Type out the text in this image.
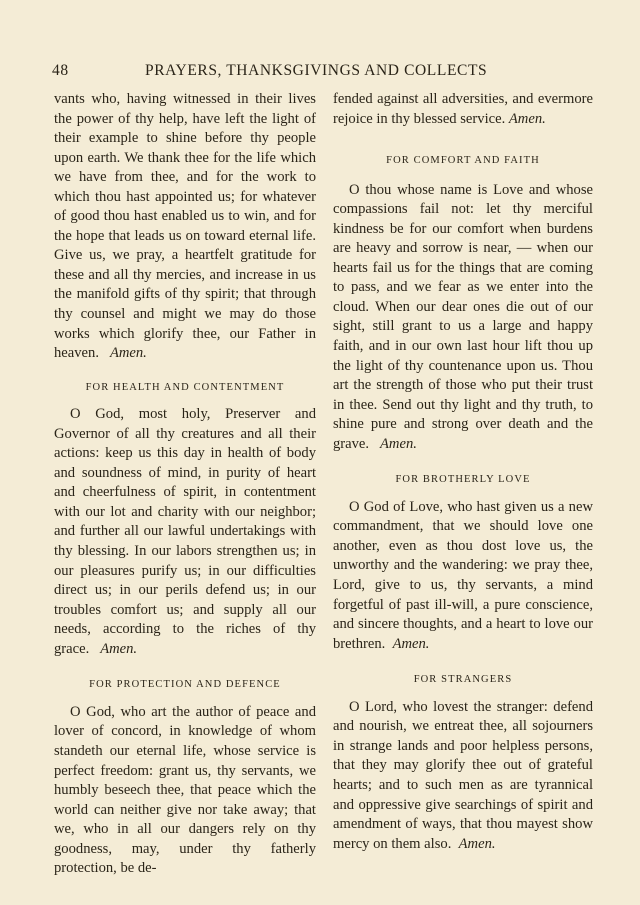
48	PRAYERS, THANKSGIVINGS AND COLLECTS

vants who, having witnessed in their lives the power of thy help, have left the light of their example to shine before thy people upon earth. We thank thee for the life which we have from thee, and for the work to which thou hast appointed us; for whatever of good thou hast enabled us to win, and for the hope that leads us on toward eternal life. Give us, we pray, a heartfelt gratitude for these and all thy mercies, and increase in us the manifold gifts of thy spirit; that through thy counsel and might we may do those works which glorify thee, our Father in heaven. Amen.

FOR HEALTH AND CONTENTMENT

O God, most holy, Preserver and Governor of all thy creatures and all their actions: keep us this day in health of body and soundness of mind, in purity of heart and cheerfulness of spirit, in contentment with our lot and charity with our neighbor; and further all our lawful undertakings with thy blessing. In our labors strengthen us; in our pleasures purify us; in our difficulties direct us; in our perils defend us; in our troubles comfort us; and supply all our needs, according to the riches of thy grace. Amen.

FOR PROTECTION AND DEFENCE

O God, who art the author of peace and lover of concord, in knowledge of whom standeth our eternal life, whose service is perfect freedom: grant us, thy servants, we humbly beseech thee, that peace which the world can neither give nor take away; that we, who in all our dangers rely on thy goodness, may, under thy fatherly protection, be de-

fended against all adversities, and evermore rejoice in thy blessed service. Amen.

FOR COMFORT AND FAITH

O thou whose name is Love and whose compassions fail not: let thy merciful kindness be for our comfort when burdens are heavy and sorrow is near, — when our hearts fail us for the things that are coming to pass, and we fear as we enter into the cloud. When our dear ones die out of our sight, still grant to us a large and happy faith, and in our own last hour lift thou up the light of thy countenance upon us. Thou art the strength of those who put their trust in thee. Send out thy light and thy truth, to shine pure and strong over death and the grave. Amen.

FOR BROTHERLY LOVE

O God of Love, who hast given us a new commandment, that we should love one another, even as thou dost love us, the unworthy and the wandering: we pray thee, Lord, give to us, thy servants, a mind forgetful of past ill-will, a pure conscience, and sincere thoughts, and a heart to love our brethren. Amen.

FOR STRANGERS

O Lord, who lovest the stranger: defend and nourish, we entreat thee, all sojourners in strange lands and poor helpless persons, that they may glorify thee out of grateful hearts; and to such men as are tyrannical and oppressive give searchings of spirit and amendment of ways, that thou mayest show mercy on them also. Amen.
